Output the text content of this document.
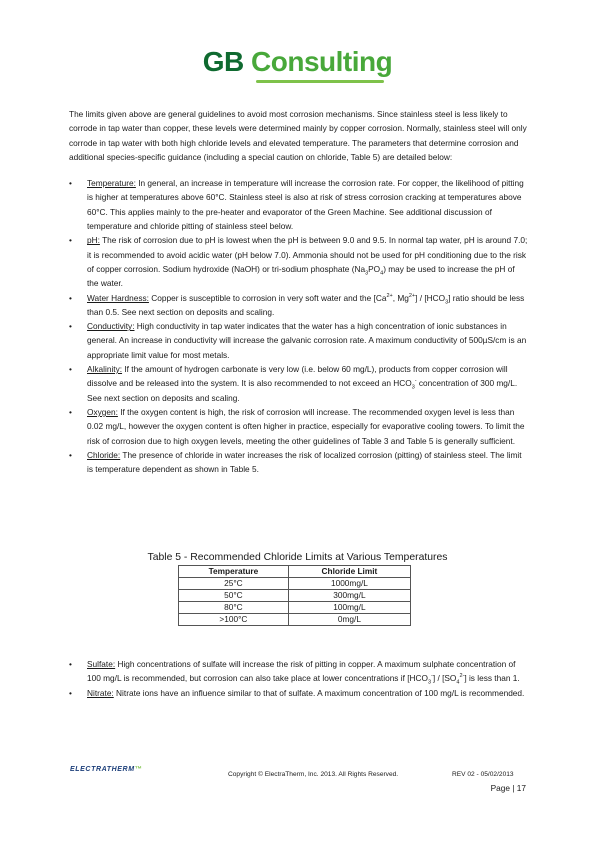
GB Consulting

The limits given above are general guidelines to avoid most corrosion mechanisms. Since stainless steel is less likely to corrode in tap water than copper, these levels were determined mainly by copper corrosion. Normally, stainless steel will only corrode in tap water with both high chloride levels and elevated temperature. The parameters that determine corrosion and additional species-specific guidance (including a special caution on chloride, Table 5) are detailed below:

• Temperature: In general, an increase in temperature will increase the corrosion rate. For copper, the likelihood of pitting is higher at temperatures above 60°C. Stainless steel is also at risk of stress corrosion cracking at temperatures above 60°C. This applies mainly to the pre-heater and evaporator of the Green Machine. See additional discussion of temperature and chloride pitting of stainless steel below.
• pH: The risk of corrosion due to pH is lowest when the pH is between 9.0 and 9.5. In normal tap water, pH is around 7.0; it is recommended to avoid acidic water (pH below 7.0). Ammonia should not be used for pH conditioning due to the risk of copper corrosion. Sodium hydroxide (NaOH) or tri-sodium phosphate $(Na_3PO_4)$ may be used to increase the pH of the water.
• Water Hardness: Copper is susceptible to corrosion in very soft water and the [$Ca^{2+}$, $Mg^{2+}] / [HCO_3]$ ratio should be less than 0.5. See next section on deposits and scaling.
• Conductivity: High conductivity in tap water indicates that the water has a high concentration of ionic substances in general. An increase in conductivity will increase the galvanic corrosion rate. A maximum conductivity of 500µS/cm is an appropriate limit value for most metals.
• Alkalinity: If the amount of hydrogen carbonate is very low (i.e. below 60 mg/L), products from copper corrosion will dissolve and be released into the system. It is also recommended to not exceed an $HCO_3^-$ concentration of 300 mg/L. See next section on deposits and scaling.
• Oxygen: If the oxygen content is high, the risk of corrosion will increase. The recommended oxygen level is less than 0.02 mg/L, however the oxygen content is often higher in practice, especially for evaporative cooling towers. To limit the risk of corrosion due to high oxygen levels, meeting the other guidelines of Table 3 and Table 5 is generally sufficient.
• Chloride: The presence of chloride in water increases the risk of localized corrosion (pitting) of stainless steel. The limit is temperature dependent as shown in Table 5.
Table 5 - Recommended Chloride Limits at Various Temperatures
Temperature	Chloride Limit
25°C	1000mg/L
50°C	300mg/L
80°C	100mg/L
>100°C	0mg/L
• Sulfate: High concentrations of sulfate will increase the risk of pitting in copper. A maximum sulphate concentration of 100 mg/L is recommended, but corrosion can also take place at lower concentrations if $[HCO_3^-] / [SO_4^{2-}]$ is less than 1.
• Nitrate: Nitrate ions have an influence similar to that of sulfate. A maximum concentration of 100 mg/L is recommended.
ELECTRATHERM™
Copyright © ElectraTherm, Inc. 2013. All Rights Reserved.	REV 02 - 05/02/2013
Page | 17
